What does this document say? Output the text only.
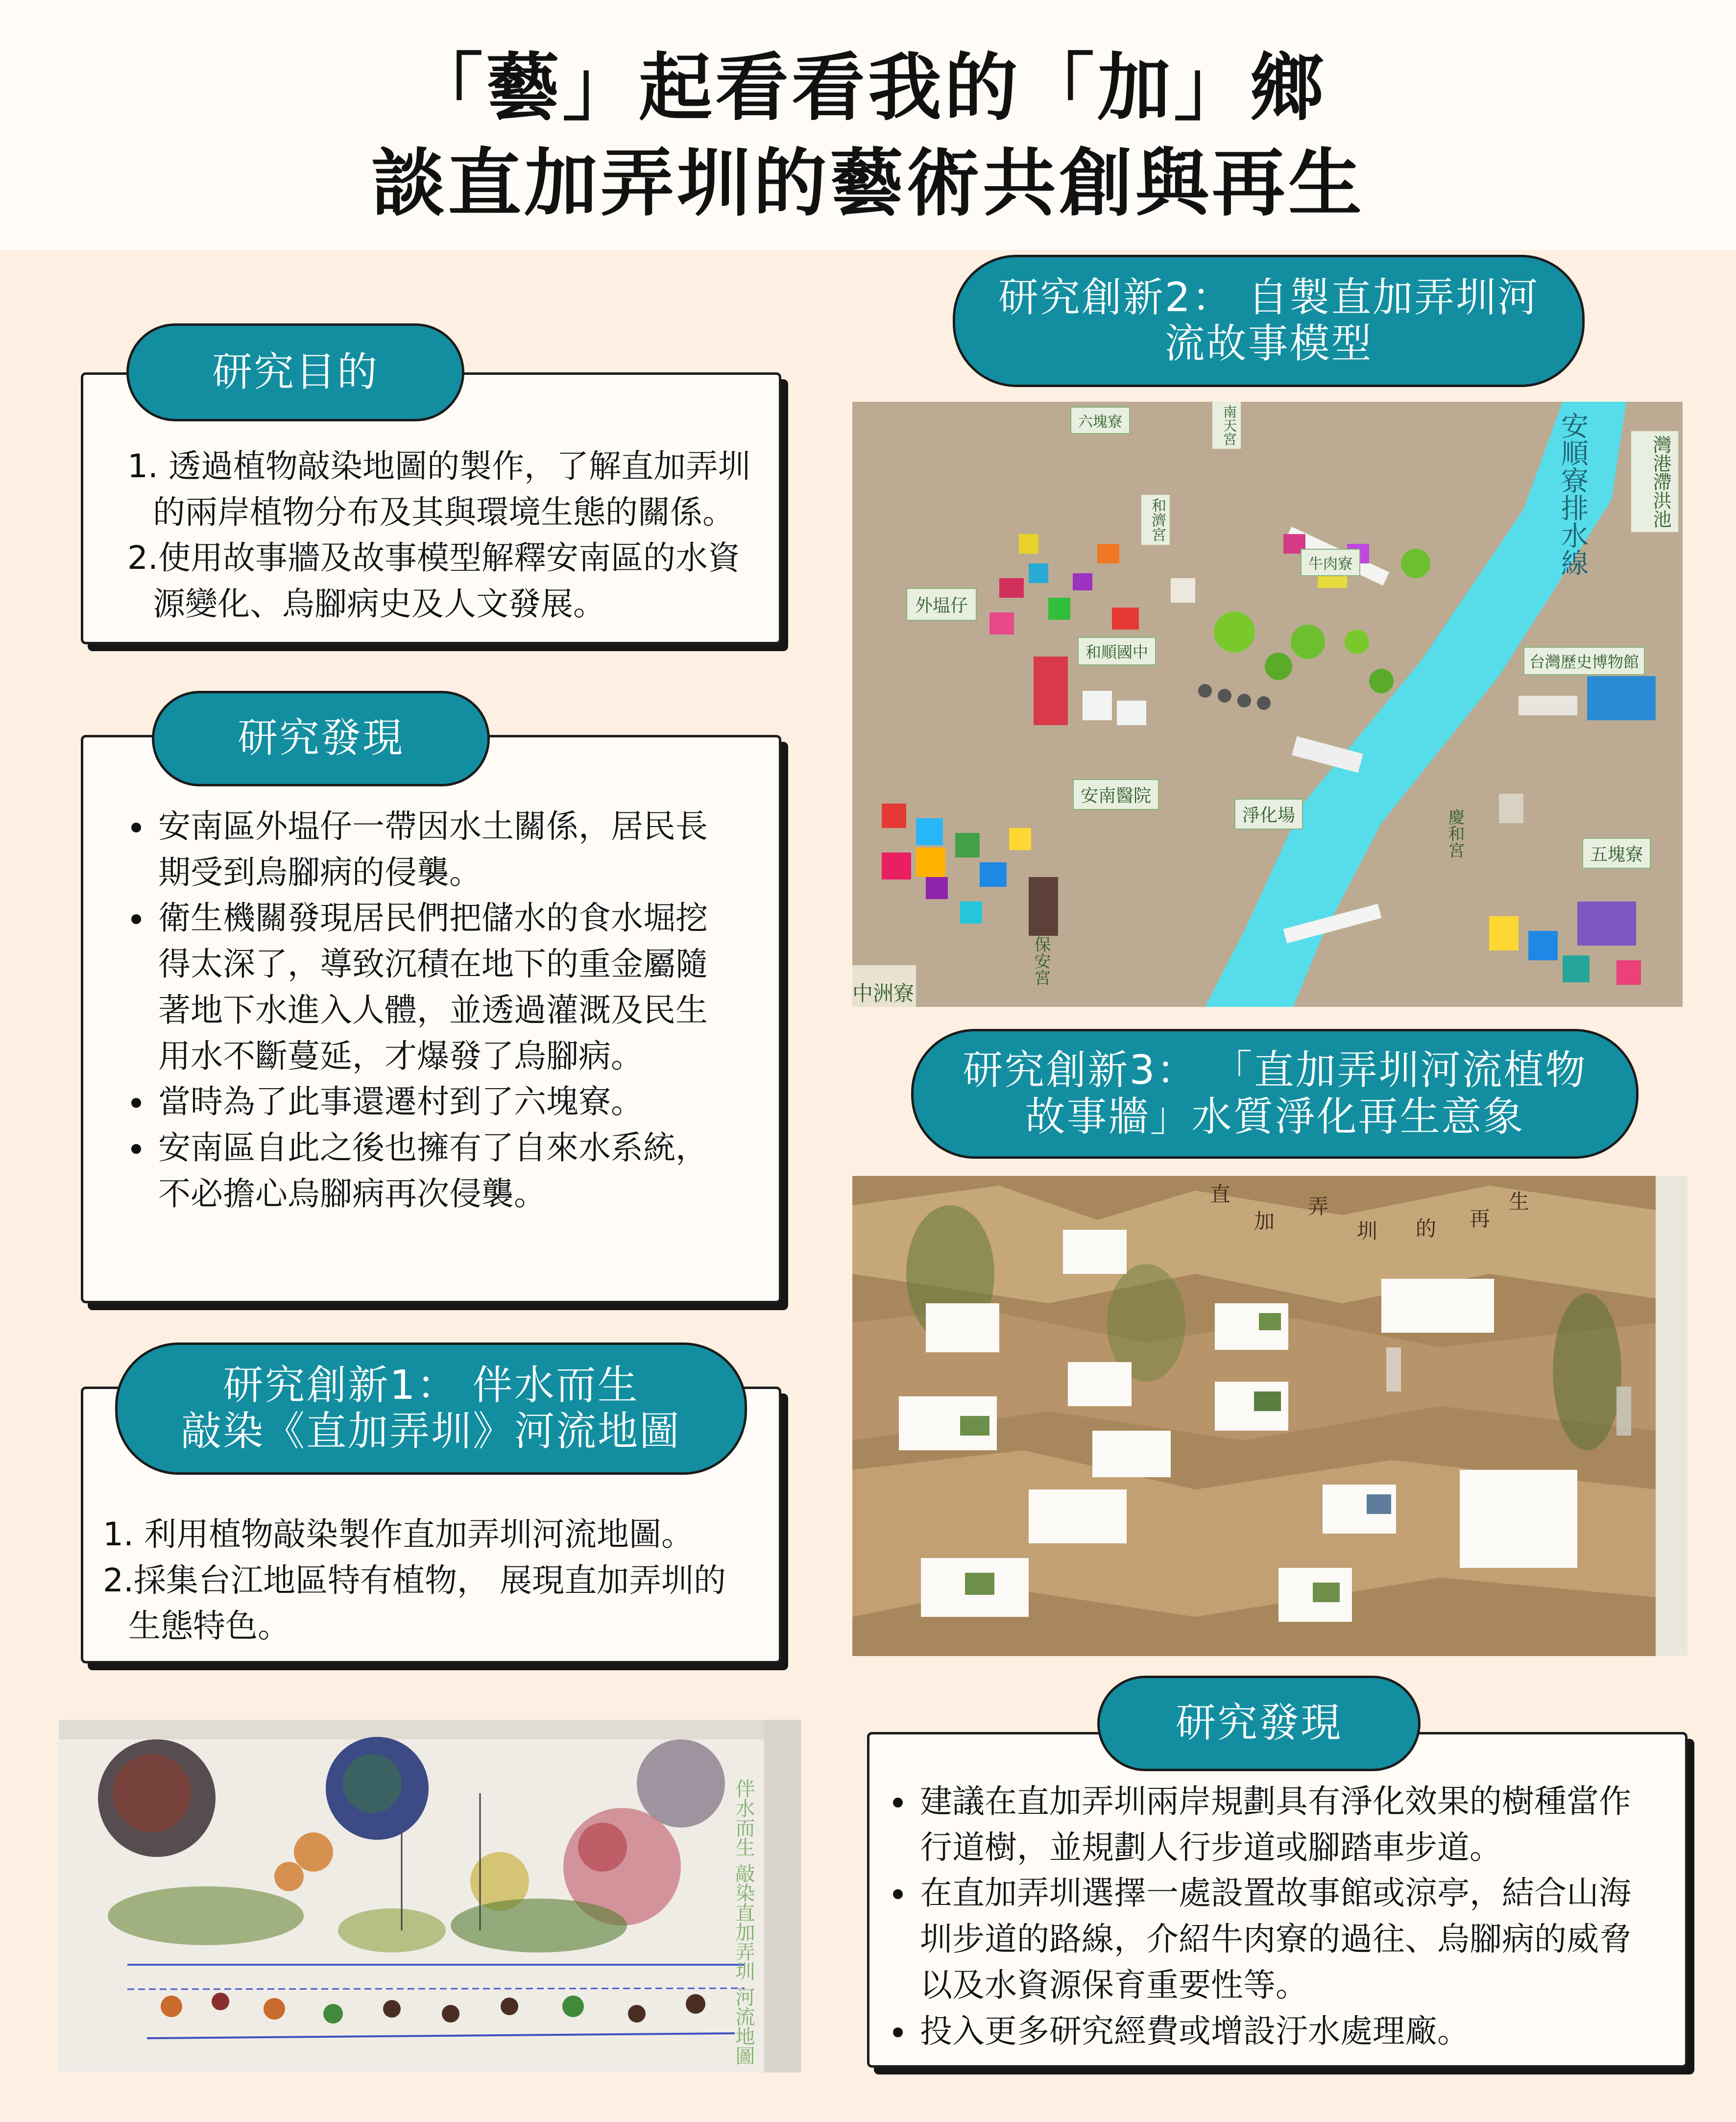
「藝」起看看我的「加」鄉
談直加弄圳的藝術共創與再生
1. 透過植物敲染地圖的製作，了解直加弄圳的兩岸植物分布及其與環境生態的關係。
2.使用故事牆及故事模型解釋安南區的水資源變化、烏腳病史及人文發展。
研究目的
• 安南區外塭仔一帶因水土關係，居民長期受到烏腳病的侵襲。
• 衛生機關發現居民們把儲水的食水堀挖得太深了，導致沉積在地下的重金屬隨著地下水進入人體，並透過灌溉及民生用水不斷蔓延，才爆發了烏腳病。
• 當時為了此事還遷村到了六塊寮。
• 安南區自此之後也擁有了自來水系統，不必擔心烏腳病再次侵襲。
研究發現
1. 利用植物敲染製作直加弄圳河流地圖。
2.採集台江地區特有植物， 展現直加弄圳的生態特色。
研究創新1： 伴水而生
敲染《直加弄圳》河流地圖
伴水而生 敲染直加弄圳 河流地圖
研究創新2： 自製直加弄圳河
流故事模型
六塊寮	南天宮	安順寮排水線	灣港滯洪池
和濟宮
牛肉寮
外塭仔
和順國中
台灣歷史博物館
安南醫院
淨化場	慶和宮	五塊寮
保安宮
中洲寮
研究創新3： 「直加弄圳河流植物
故事牆」水質淨化再生意象
直
加
弄
圳 的 再
生
• 建議在直加弄圳兩岸規劃具有淨化效果的樹種當作行道樹，並規劃人行步道或腳踏車步道。
• 在直加弄圳選擇一處設置故事館或涼亭，結合山海圳步道的路線，介紹牛肉寮的過往、烏腳病的威脅以及水資源保育重要性等。
• 投入更多研究經費或增設汙水處理廠。
研究發現
